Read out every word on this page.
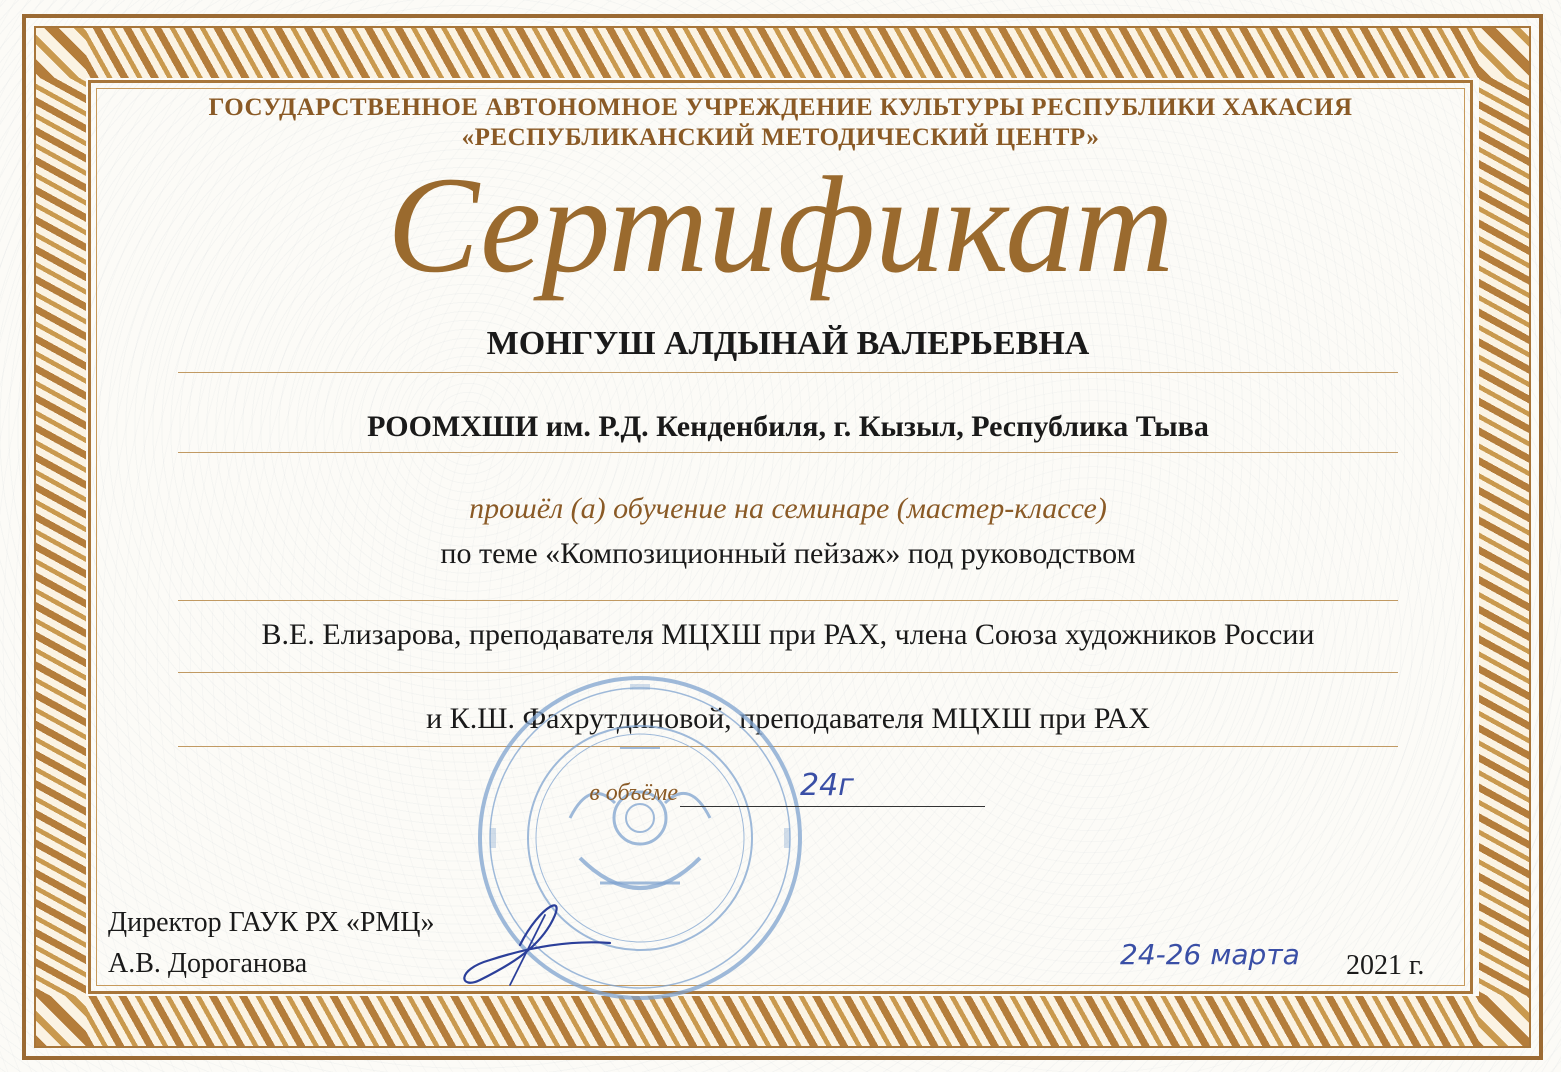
ГОСУДАРСТВЕННОЕ АВТОНОМНОЕ УЧРЕЖДЕНИЕ КУЛЬТУРЫ РЕСПУБЛИКИ ХАКАСИЯ
«РЕСПУБЛИКАНСКИЙ МЕТОДИЧЕСКИЙ ЦЕНТР»
Сертификат
МОНГУШ АЛДЫНАЙ ВАЛЕРЬЕВНА
РООМХШИ им. Р.Д. Кенденбиля, г. Кызыл, Республика Тыва
прошёл (а) обучение на семинаре (мастер-классе)
по теме «Композиционный пейзаж» под руководством
В.Е. Елизарова, преподавателя МЦХШ при РАХ, члена Союза художников России
и К.Ш. Фахрутдиновой, преподавателя МЦХШ при РАХ
в объёме	24г
Директор ГАУК РХ «РМЦ»
А.В. Дороганова	24-26 марта	2021 г.
